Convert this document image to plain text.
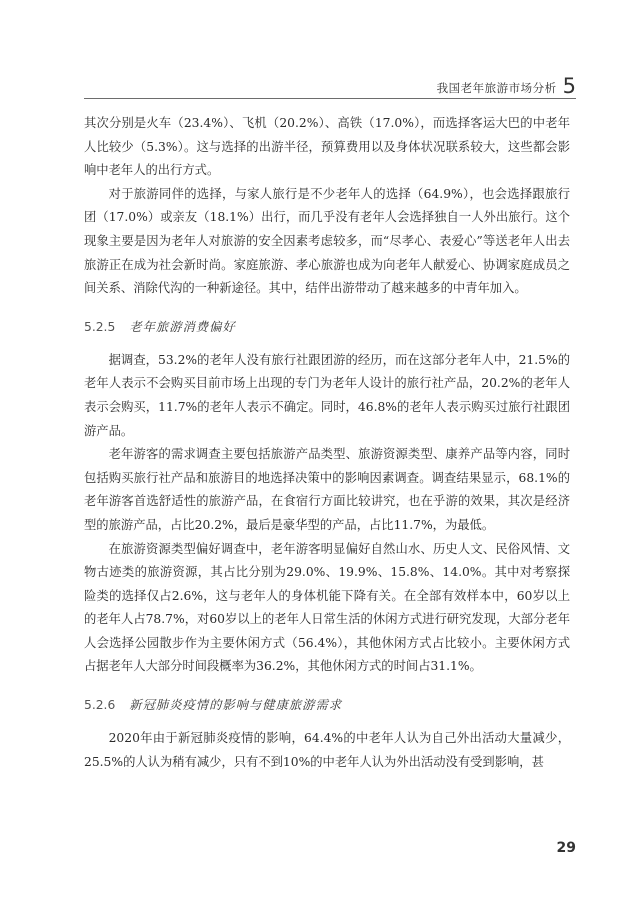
我国老年旅游市场分析 5

其次分别是火车（23.4%）、飞机（20.2%）、高铁（17.0%），而选择客运大巴的中老年人比较少（5.3%）。这与选择的出游半径，预算费用以及身体状况联系较大，这些都会影响中老年人的出行方式。

对于旅游同伴的选择，与家人旅行是不少老年人的选择（64.9%），也会选择跟旅行团（17.0%）或亲友（18.1%）出行，而几乎没有老年人会选择独自一人外出旅行。这个现象主要是因为老年人对旅游的安全因素考虑较多，而“尽孝心、表爱心”等送老年人出去旅游正在成为社会新时尚。家庭旅游、孝心旅游也成为向老年人献爱心、协调家庭成员之间关系、消除代沟的一种新途径。其中，结伴出游带动了越来越多的中青年加入。

5.2.5 老年旅游消费偏好

据调查，53.2%的老年人没有旅行社跟团游的经历，而在这部分老年人中，21.5%的老年人表示不会购买目前市场上出现的专门为老年人设计的旅行社产品，20.2%的老年人表示会购买，11.7%的老年人表示不确定。同时，46.8%的老年人表示购买过旅行社跟团游产品。

老年游客的需求调查主要包括旅游产品类型、旅游资源类型、康养产品等内容，同时包括购买旅行社产品和旅游目的地选择决策中的影响因素调查。调查结果显示，68.1%的老年游客首选舒适性的旅游产品，在食宿行方面比较讲究，也在乎游的效果，其次是经济型的旅游产品，占比20.2%，最后是豪华型的产品，占比11.7%，为最低。

在旅游资源类型偏好调查中，老年游客明显偏好自然山水、历史人文、民俗风情、文物古迹类的旅游资源，其占比分别为29.0%、19.9%、15.8%、14.0%。其中对考察探险类的选择仅占2.6%，这与老年人的身体机能下降有关。在全部有效样本中，60岁以上的老年人占78.7%，对60岁以上的老年人日常生活的休闲方式进行研究发现，大部分老年人会选择公园散步作为主要休闲方式（56.4%），其他休闲方式占比较小。主要休闲方式占据老年人大部分时间段概率为36.2%，其他休闲方式的时间占31.1%。

5.2.6 新冠肺炎疫情的影响与健康旅游需求

2020年由于新冠肺炎疫情的影响，64.4%的中老年人认为自己外出活动大量减少，25.5%的人认为稍有减少，只有不到10%的中老年人认为外出活动没有受到影响，甚

29
